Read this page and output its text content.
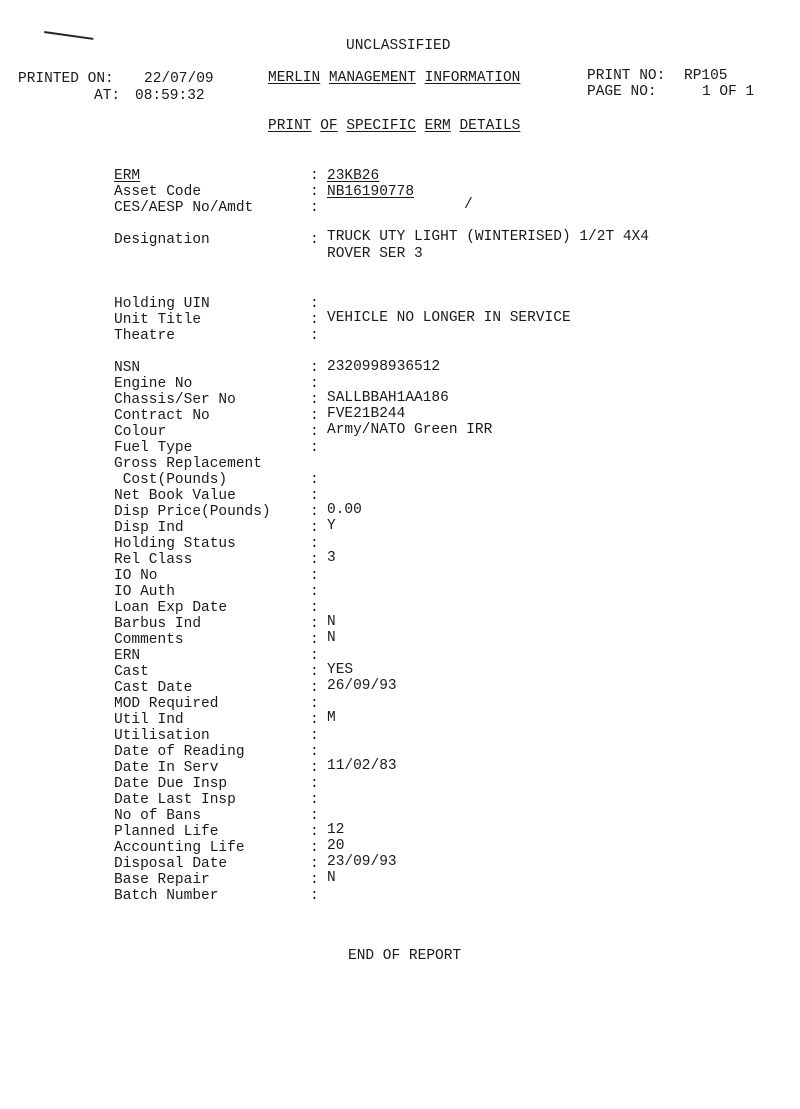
UNCLASSIFIED
PRINTED ON: 22/07/09
AT: 08:59:32
MERLIN MANAGEMENT INFORMATION	PRINT NO: RP105
PAGE NO:	1 OF 1
PRINT OF SPECIFIC ERM DETAILS
ERM	: 23KB26
Asset Code	: NB16190778
CES/AESP No/Amdt	:	/
Designation	: TRUCK UTY LIGHT (WINTERISED) 1/2T 4X4
ROVER SER 3
Holding UIN	:
Unit Title	: VEHICLE NO LONGER IN SERVICE
Theatre	:
NSN	: 2320998936512
Engine No	:
Chassis/Ser No	: SALLBBAH1AA186
Contract No	: FVE21B244
Colour	: Army/NATO Green IRR
Fuel Type	:
Gross Replacement
Cost(Pounds)	:
Net Book Value	:
Disp Price(Pounds)	: 0.00
Disp Ind	: Y
Holding Status	:
Rel Class	: 3
IO No	:
IO Auth	:
Loan Exp Date	:
Barbus Ind	: N
Comments	: N
ERN	:
Cast	: YES
Cast Date	: 26/09/93
MOD Required	:
Util Ind	: M
Utilisation	:
Date of Reading	:
Date In Serv	: 11/02/83
Date Due Insp	:
Date Last Insp	:
No of Bans	:
Planned Life	: 12
Accounting Life	: 20
Disposal Date	: 23/09/93
Base Repair	: N
Batch Number	:
END OF REPORT
